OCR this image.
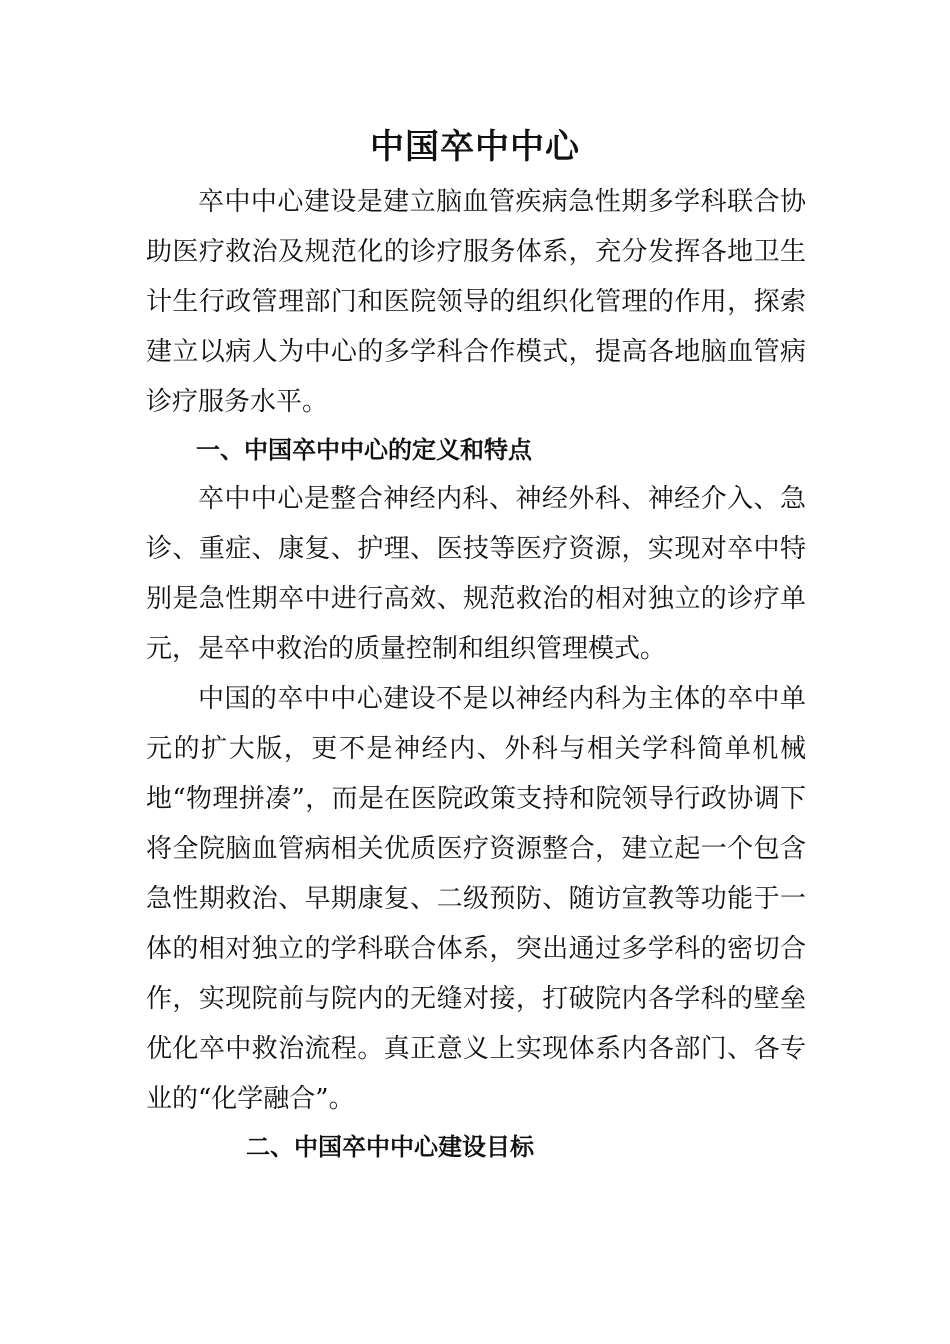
中国卒中中心

卒中中心建设是建立脑血管疾病急性期多学科联合协助医疗救治及规范化的诊疗服务体系，充分发挥各地卫生计生行政管理部门和医院领导的组织化管理的作用，探索建立以病人为中心的多学科合作模式，提高各地脑血管病诊疗服务水平。

一、中国卒中中心的定义和特点

卒中中心是整合神经内科、神经外科、神经介入、急诊、重症、康复、护理、医技等医疗资源，实现对卒中特别是急性期卒中进行高效、规范救治的相对独立的诊疗单元，是卒中救治的质量控制和组织管理模式。

中国的卒中中心建设不是以神经内科为主体的卒中单元的扩大版，更不是神经内、外科与相关学科简单机械地“物理拼凑”，而是在医院政策支持和院领导行政协调下将全院脑血管病相关优质医疗资源整合，建立起一个包含急性期救治、早期康复、二级预防、随访宣教等功能于一体的相对独立的学科联合体系，突出通过多学科的密切合作，实现院前与院内的无缝对接，打破院内各学科的壁垒优化卒中救治流程。真正意义上实现体系内各部门、各专业的“化学融合”。

二、中国卒中中心建设目标
